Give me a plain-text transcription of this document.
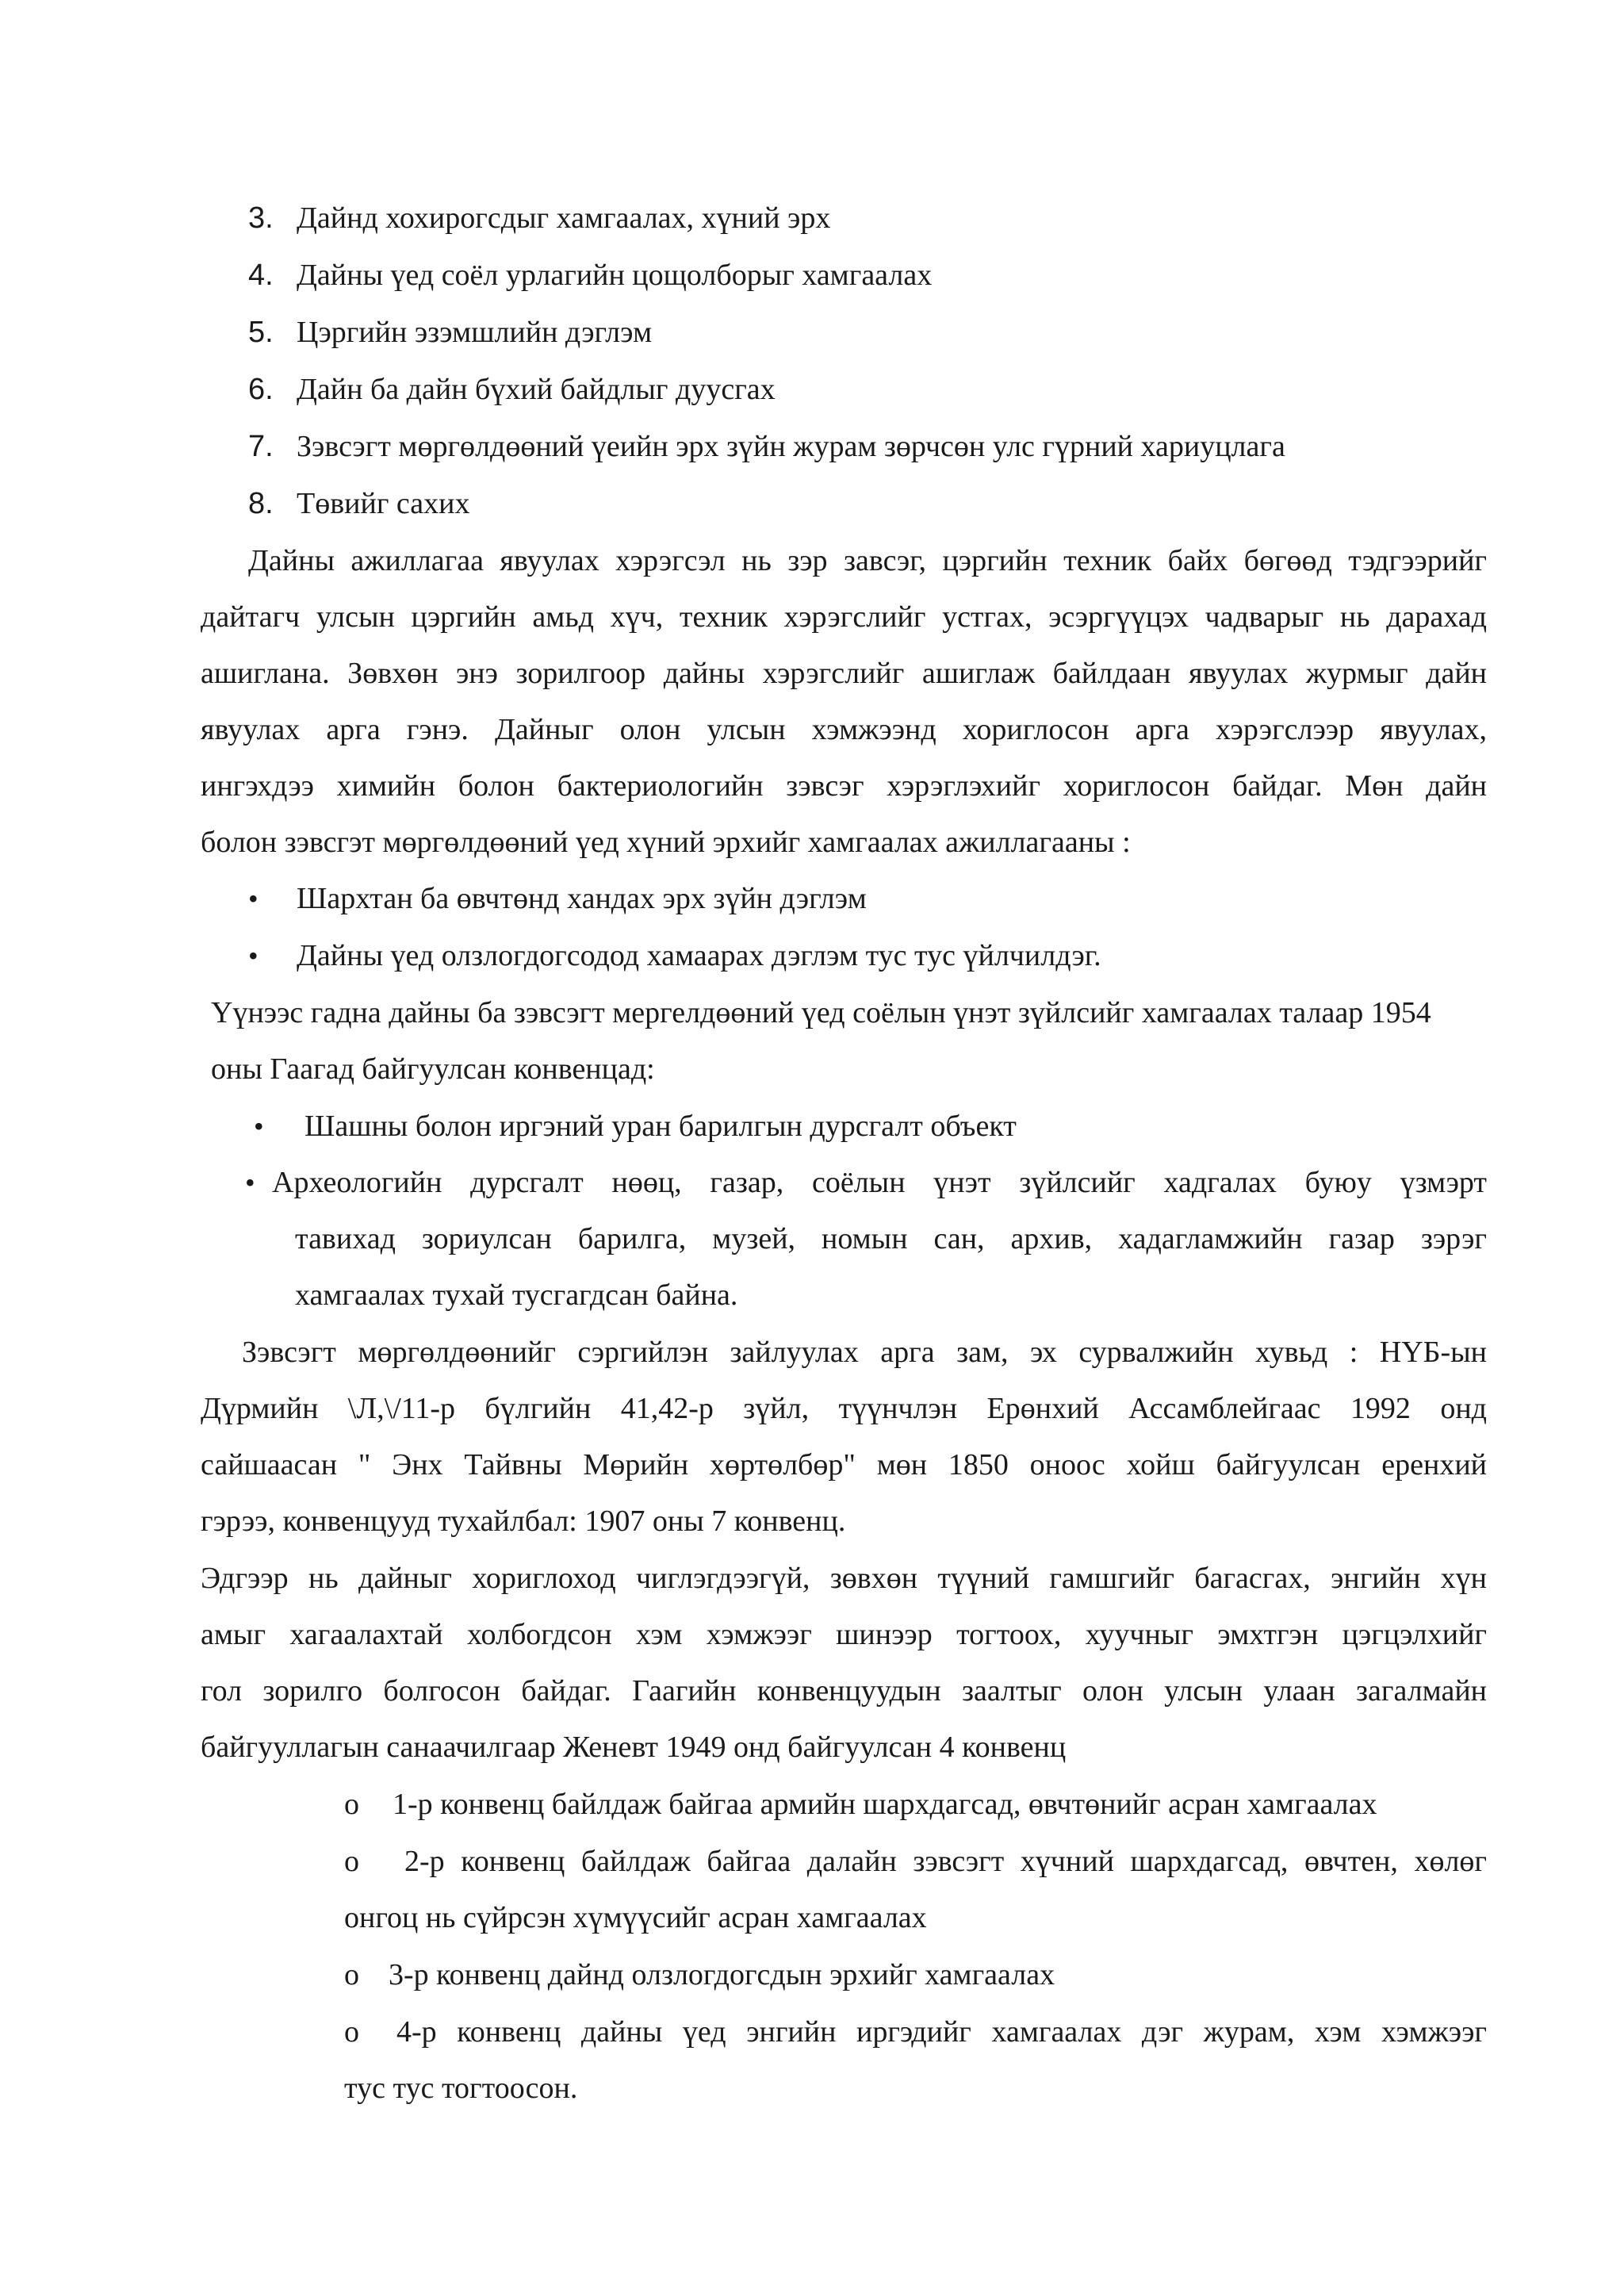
3. Дайнд хохирогсдыг хамгаалах, хүний эрх
4. Дайны үед соёл урлагийн цощолборыг хамгаалах
5. Цэргийн эзэмшлийн дэглэм
6. Дайн ба дайн бүхий байдлыг дуусгах
7. Зэвсэгт мөргөлдөөний үеийн эрх зүйн журам зөрчсөн улс гүрний хариуцлага
8. Төвийг сахих
Дайны ажиллагаа явуулах хэрэгсэл нь зэр завсэг, цэргийн техник байх бөгөөд тэдгээрийг
дайтагч улсын цэргийн амьд хүч, техник хэрэгслийг устгах, эсэргүүцэх чадварыг нь дарахад
ашиглана. Зөвхөн энэ зорилгоор дайны хэрэгслийг ашиглаж байлдаан явуулах журмыг дайн
явуулах арга гэнэ. Дайныг олон улсын хэмжээнд хориглосон арга хэрэгслээр явуулах,
ингэхдээ химийн болон бактериологийн зэвсэг хэрэглэхийг хориглосон байдаг. Мөн дайн
болон зэвсгэт мөргөлдөөний үед хүний эрхийг хамгаалах ажиллагааны :
• Шархтан ба өвчтөнд хандах эрх зүйн дэглэм
• Дайны үед олзлогдогсодод хамаарах дэглэм тус тус үйлчилдэг.
Үүнээс гадна дайны ба зэвсэгт мергелдөөний үед соёлын үнэт зүйлсийг хамгаалах талаар 1954
оны Гаагад байгуулсан конвенцад:
• Шашны болон иргэний уран барилгын дурсгалт объект
• Археологийн дурсгалт нөөц, газар, соёлын үнэт зүйлсийг хадгалах буюу үзмэрт
тавихад зориулсан барилга, музей, номын сан, архив, хадагламжийн газар зэрэг
хамгаалах тухай тусгагдсан байна.
Зэвсэгт мөргөлдөөнийг сэргийлэн зайлуулах арга зам, эх сурвалжийн хувьд : НҮБ-ын
Дүрмийн \Л,\/11-р бүлгийн 41,42-р зүйл, түүнчлэн Ерөнхий Ассамблейгаас 1992 онд
сайшаасан " Энх Тайвны Мөрийн хөртөлбөр" мөн 1850 оноос хойш байгуулсан еренхий
гэрээ, конвенцууд тухайлбал: 1907 оны 7 конвенц.
Эдгээр нь дайныг хориглоход чиглэгдээгүй, зөвхөн түүний гамшгийг багасгах, энгийн хүн
амыг хагаалахтай холбогдсон хэм хэмжээг шинээр тогтоох, хуучныг эмхтгэн цэгцэлхийг
гол зорилго болгосон байдаг. Гаагийн конвенцуудын заалтыг олон улсын улаан загалмайн
байгууллагын санаачилгаар Женевт 1949 онд байгуулсан 4 конвенц
o 1-р конвенц байлдаж байгаа армийн шархдагсад, өвчтөнийг асран хамгаалах
o 2-р конвенц байлдаж байгаа далайн зэвсэгт хүчний шархдагсад, өвчтен, хөлөг
онгоц нь сүйрсэн хүмүүсийг асран хамгаалах
o 3-р конвенц дайнд олзлогдогсдын эрхийг хамгаалах
o 4-р конвенц дайны үед энгийн иргэдийг хамгаалах дэг журам, хэм хэмжээг
тус тус тогтоосон.
